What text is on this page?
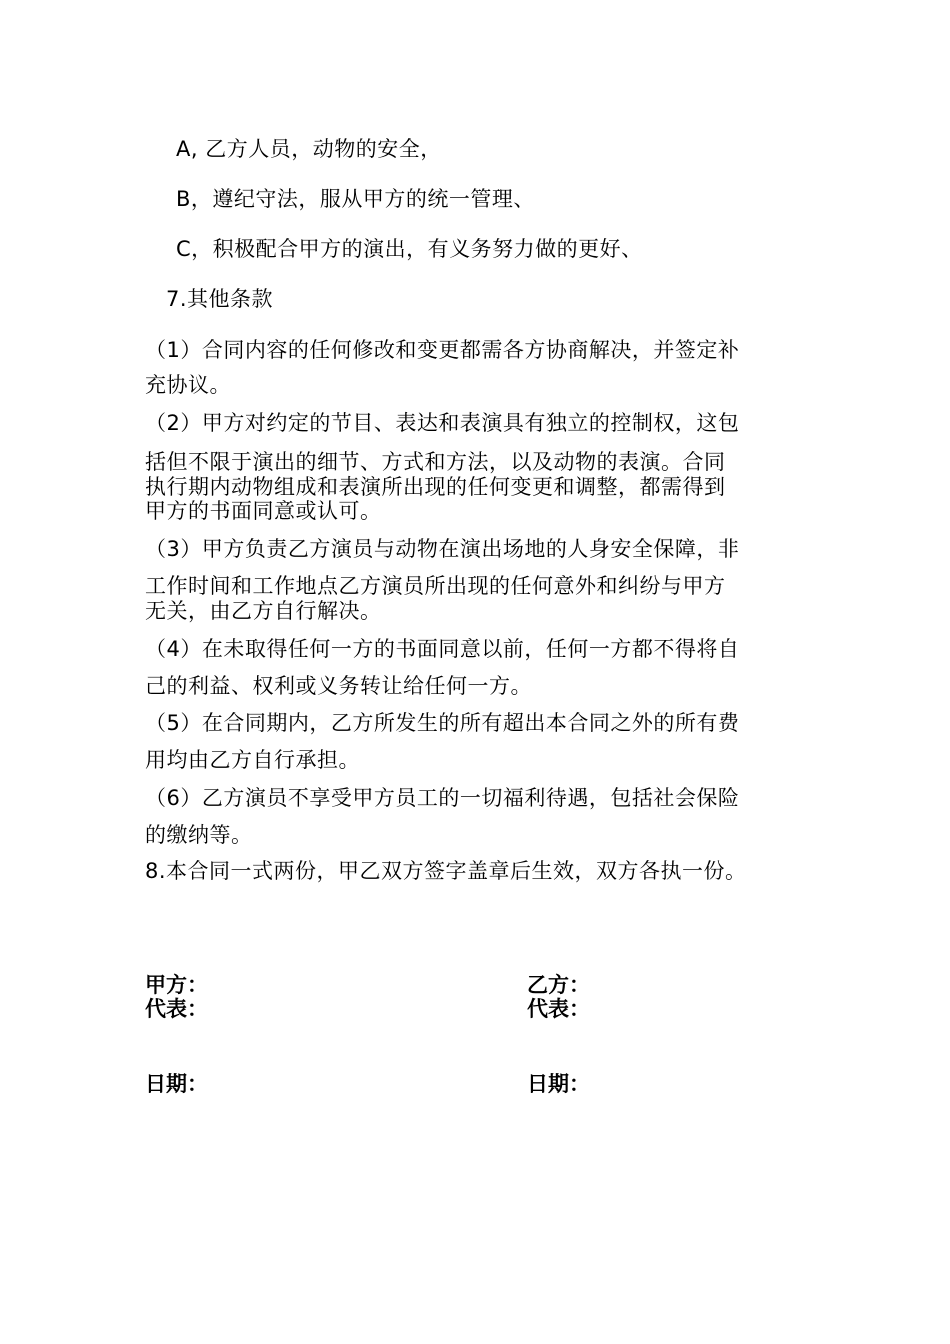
A, 乙方人员，动物的安全，
B，遵纪守法，服从甲方的统一管理、
C，积极配合甲方的演出，有义务努力做的更好、
7.其他条款
（1）合同内容的任何修改和变更都需各方协商解决，并签定补
充协议。
（2）甲方对约定的节目、表达和表演具有独立的控制权，这包
括但不限于演出的细节、方式和方法，以及动物的表演。合同
执行期内动物组成和表演所出现的任何变更和调整，都需得到
甲方的书面同意或认可。
（3）甲方负责乙方演员与动物在演出场地的人身安全保障，非
工作时间和工作地点乙方演员所出现的任何意外和纠纷与甲方
无关，由乙方自行解决。
（4）在未取得任何一方的书面同意以前，任何一方都不得将自
己的利益、权利或义务转让给任何一方。
（5）在合同期内，乙方所发生的所有超出本合同之外的所有费
用均由乙方自行承担。
（6）乙方演员不享受甲方员工的一切福利待遇，包括社会保险
的缴纳等。
8.本合同一式两份，甲乙双方签字盖章后生效，双方各执一份。
甲方：
代表：
日期：
乙方：
代表：
日期：
